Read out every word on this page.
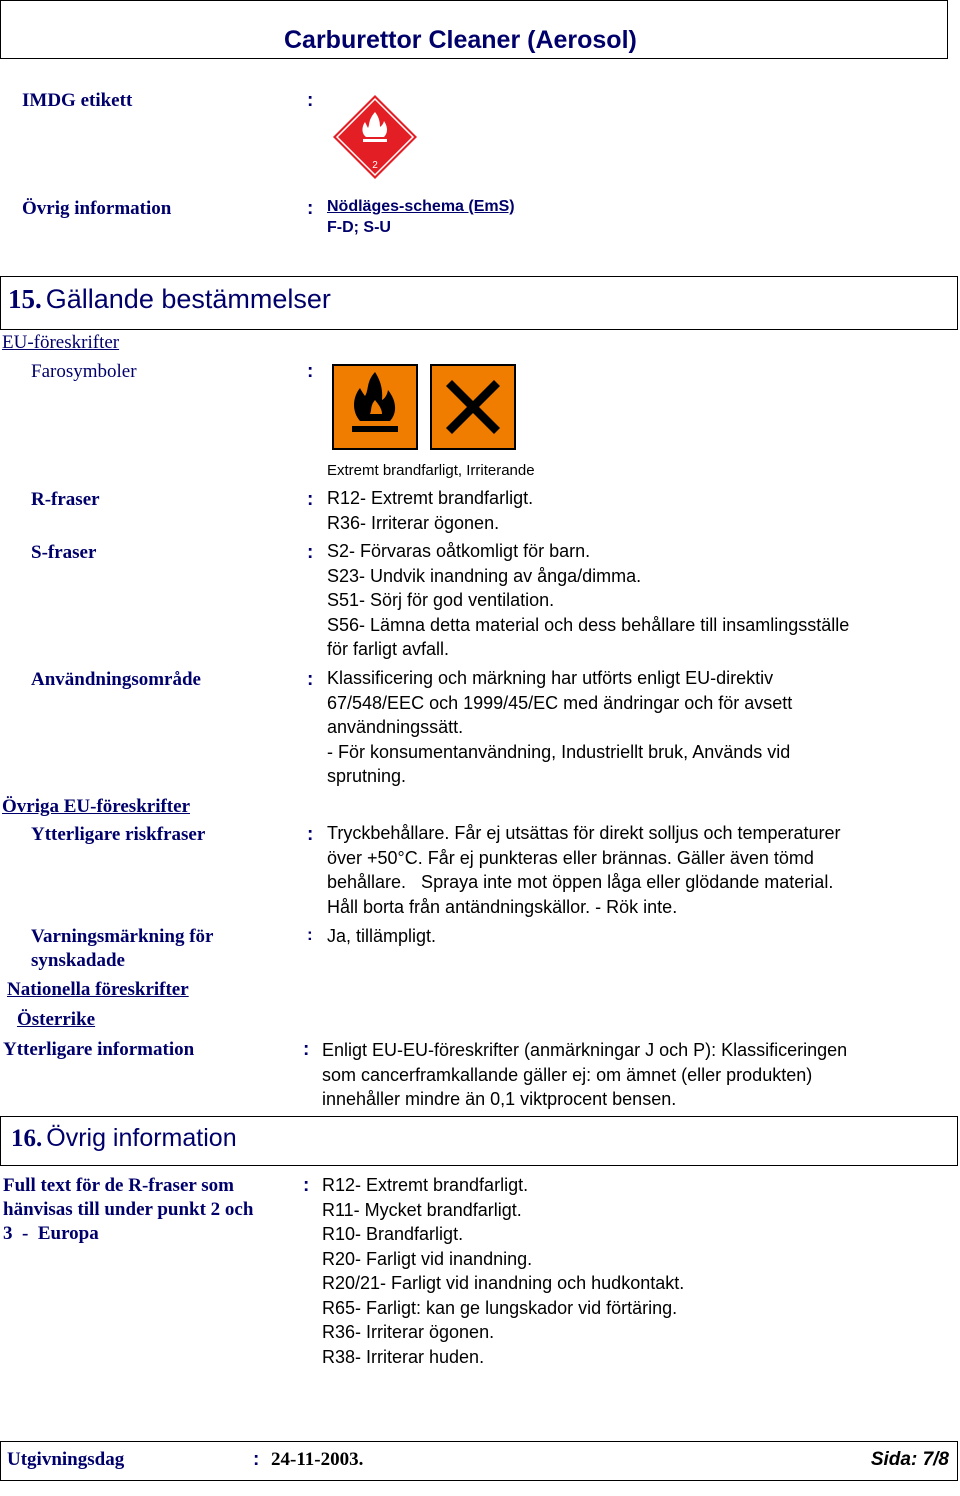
Carburettor Cleaner (Aerosol)
IMDG etikett	:
2
Övrig information	: Nödläges-schema (EmS)
F-D; S-U
15. Gällande bestämmelser
EU-föreskrifter
Farosymboler	:
Extremt brandfarligt, Irriterande
R-fraser	: R12- Extremt brandfarligt.
R36- Irriterar ögonen.
S-fraser	: S2- Förvaras oåtkomligt för barn.
S23- Undvik inandning av ånga/dimma.
S51- Sörj för god ventilation.
S56- Lämna detta material och dess behållare till insamlingsställe
för farligt avfall.
Användningsområde	: Klassificering och märkning har utförts enligt EU-direktiv
67/548/EEC och 1999/45/EC med ändringar och för avsett
användningssätt.
- För konsumentanvändning, Industriellt bruk, Används vid
sprutning.
Övriga EU-föreskrifter
Ytterligare riskfraser	: Tryckbehållare. Får ej utsättas för direkt solljus och temperaturer
över +50°C. Får ej punkteras eller brännas. Gäller även tömd
behållare.   Spraya inte mot öppen låga eller glödande material.
Håll borta från antändningskällor. - Rök inte.
Varningsmärkning för
synskadade
: Ja, tillämpligt.
Nationella föreskrifter
Österrike
Ytterligare information	: Enligt EU-EU-föreskrifter (anmärkningar J och P): Klassificeringen
som cancerframkallande gäller ej: om ämnet (eller produkten)
innehåller mindre än 0,1 viktprocent bensen.
16. Övrig information
Full text för de R-fraser som
hänvisas till under punkt 2 och
3  -  Europa
: R12- Extremt brandfarligt.
R11- Mycket brandfarligt.
R10- Brandfarligt.
R20- Farligt vid inandning.
R20/21- Farligt vid inandning och hudkontakt.
R65- Farligt: kan ge lungskador vid förtäring.
R36- Irriterar ögonen.
R38- Irriterar huden.
Utgivningsdag	: 24-11-2003.	Sida: 7/8
